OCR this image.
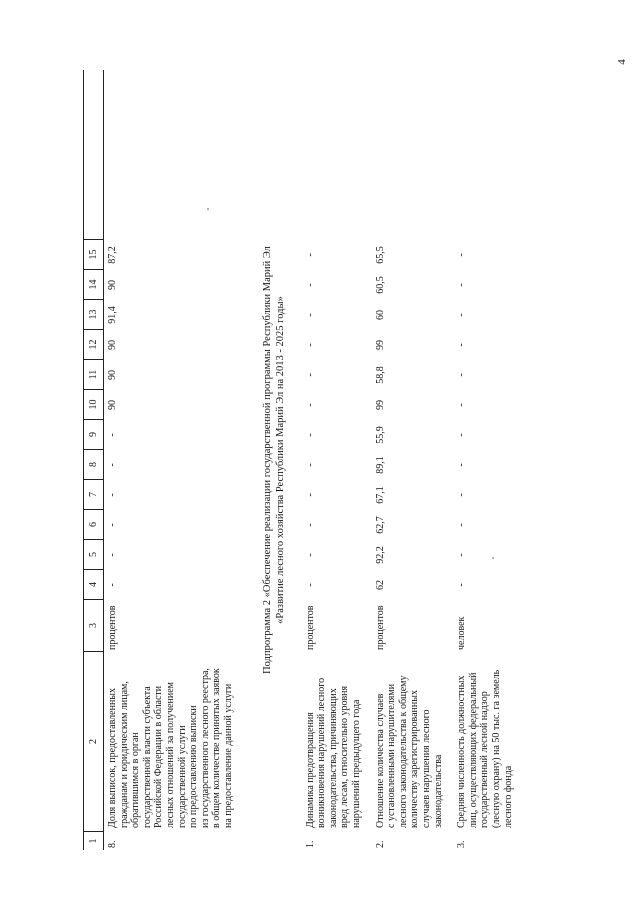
4
1
2
3
4
5
6
7
8
9
10
11
12
13
14
15
8.
Доля выписок, предоставленных гражданам и юридическим лицам, обратившимся в орган государственной власти субъекта Российской Федерации в области лесных отношений за получением государственной услуги по предоставлению выписки из государственного лесного реестра, в общем количестве принятых заявок на предоставление данной услуги
процентов
-
-
-
-
-
-
90
90
90
91,4
90
87,2
1.
Динамика предотвращения возникновения нарушений лесного законодательства, причиняющих вред лесам, относительно уровня нарушений предыдущего года
процентов
-
-
-
-
-
-
-
-
-
-
-
-
2.
Отношение количества случаев с установленными нарушителями лесного законодательства к общему количеству зарегистрированных случаев нарушения лесного законодательства
процентов
62
92,2
62,7
67,1
89,1
55,9
99
58,8
99
60
60,5
65,5
3.
Средняя численность должностных лиц, осуществляющих федеральный государственный лесной надзор (лесную охрану) на 50 тыс. га земель лесного фонда
человек
-
-
-
-
-
-
-
-
-
-
-
-
Подпрограмма 2 «Обеспечение реализации государственной программы Республики Марий Эл «Развитие лесного хозяйства Республики Марий Эл на 2013 - 2025 годы»
